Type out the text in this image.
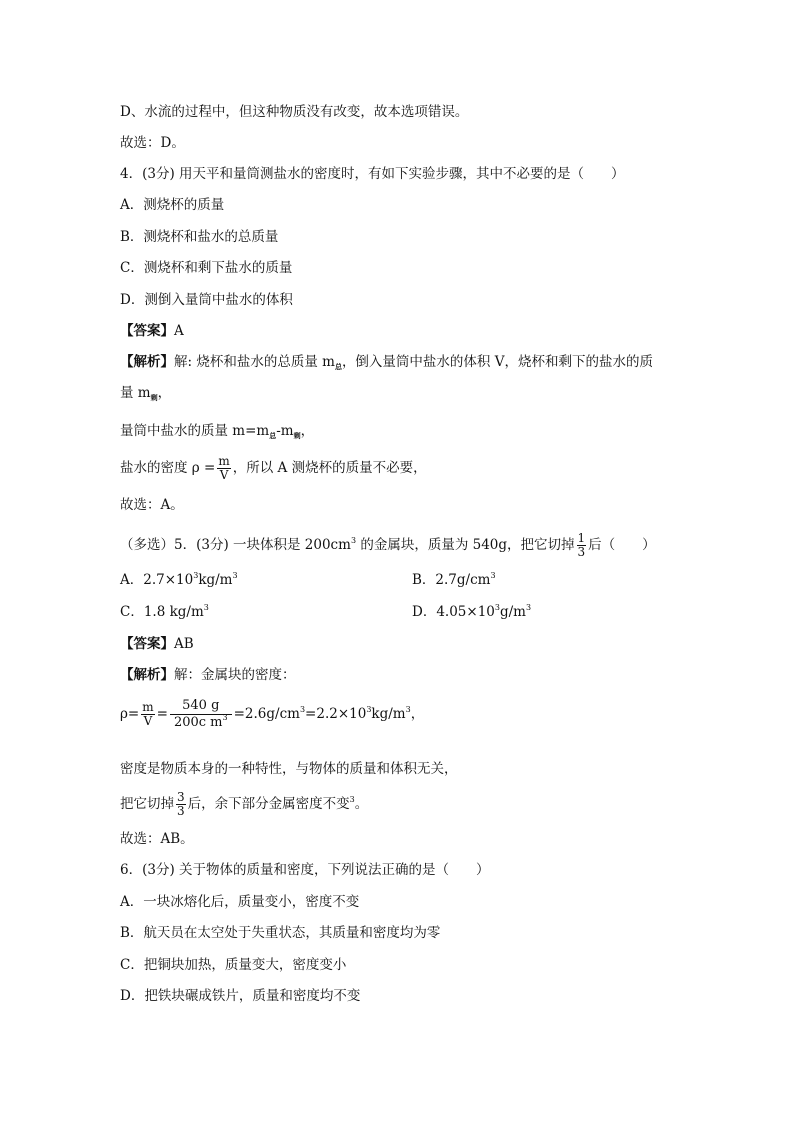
D、水流的过程中，但这种物质没有改变，故本选项错误。
故选：D。
4．(3分) 用天平和量筒测盐水的密度时，有如下实验步骤，其中不必要的是（　　）
A．测烧杯的质量
B．测烧杯和盐水的总质量
C．测烧杯和剩下盐水的质量
D．测倒入量筒中盐水的体积
【答案】A
【解析】解: 烧杯和盐水的总质量 $m_总$，倒入量筒中盐水的体积 V，烧杯和剩下的盐水的质
量 $m_剩$，
量筒中盐水的质量 $m=m_总-m_剩$，
盐水的密度 $\rho = \frac{m}{V}$ ，所以 A 测烧杯的质量不必要，
故选：A。
（多选）5．(3分) 一块体积是 $200cm^3$ 的金属块，质量为 540g，把它切掉 $\frac{1}{3}$ 后（　　）
A．$2.7\times 10^3kg/m^3$	B．$2.7g/cm^3$
C．1.8 $kg/m^3$	D．$4.05\times 10^3g/m^3$
【答案】AB
【解析】解：金属块的密度：
$\rho= \frac{m}{V} = \frac{540 g}{200c m^3} =2.6g/cm^3=2.2\times 10^3kg/m^3$，
密度是物质本身的一种特性，与物体的质量和体积无关，
把它切掉 $\frac{3}{3}$ 后，余下部分金属密度不变$^3$。
故选：AB。
6．(3分) 关于物体的质量和密度，下列说法正确的是（　　）
A．一块冰熔化后，质量变小，密度不变
B．航天员在太空处于失重状态，其质量和密度均为零
C．把铜块加热，质量变大，密度变小
D．把铁块碾成铁片，质量和密度均不变
